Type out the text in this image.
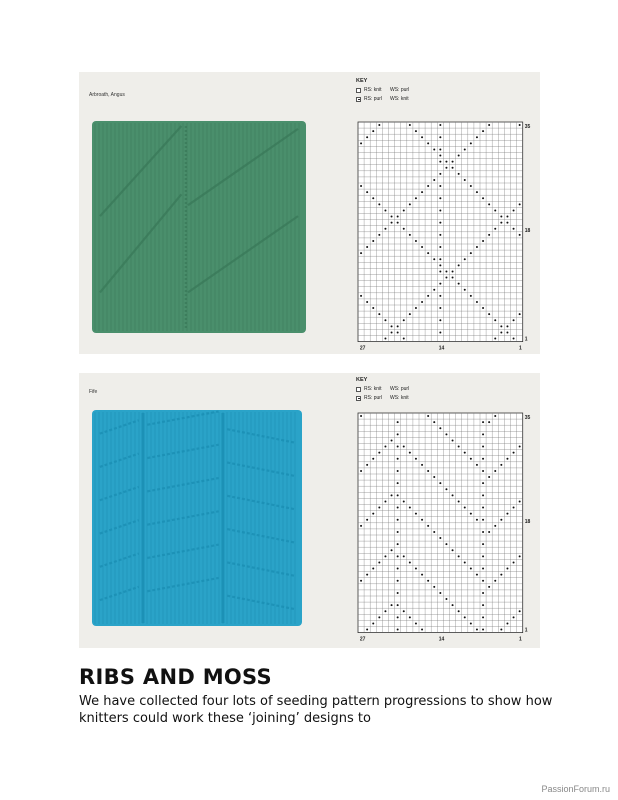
Arbroath, Angus
KEY
RS: knit	WS: purl
RS: purl	WS: knit
27	14	1
35
18
1
Fife
KEY
RS: knit	WS: purl
RS: purl	WS: knit
27	14	1
35
18
1
RIBS AND MOSS

We have collected four lots of seeding pattern progressions to show how knitters could work these ‘joining’ designs to

PassionForum.ru
